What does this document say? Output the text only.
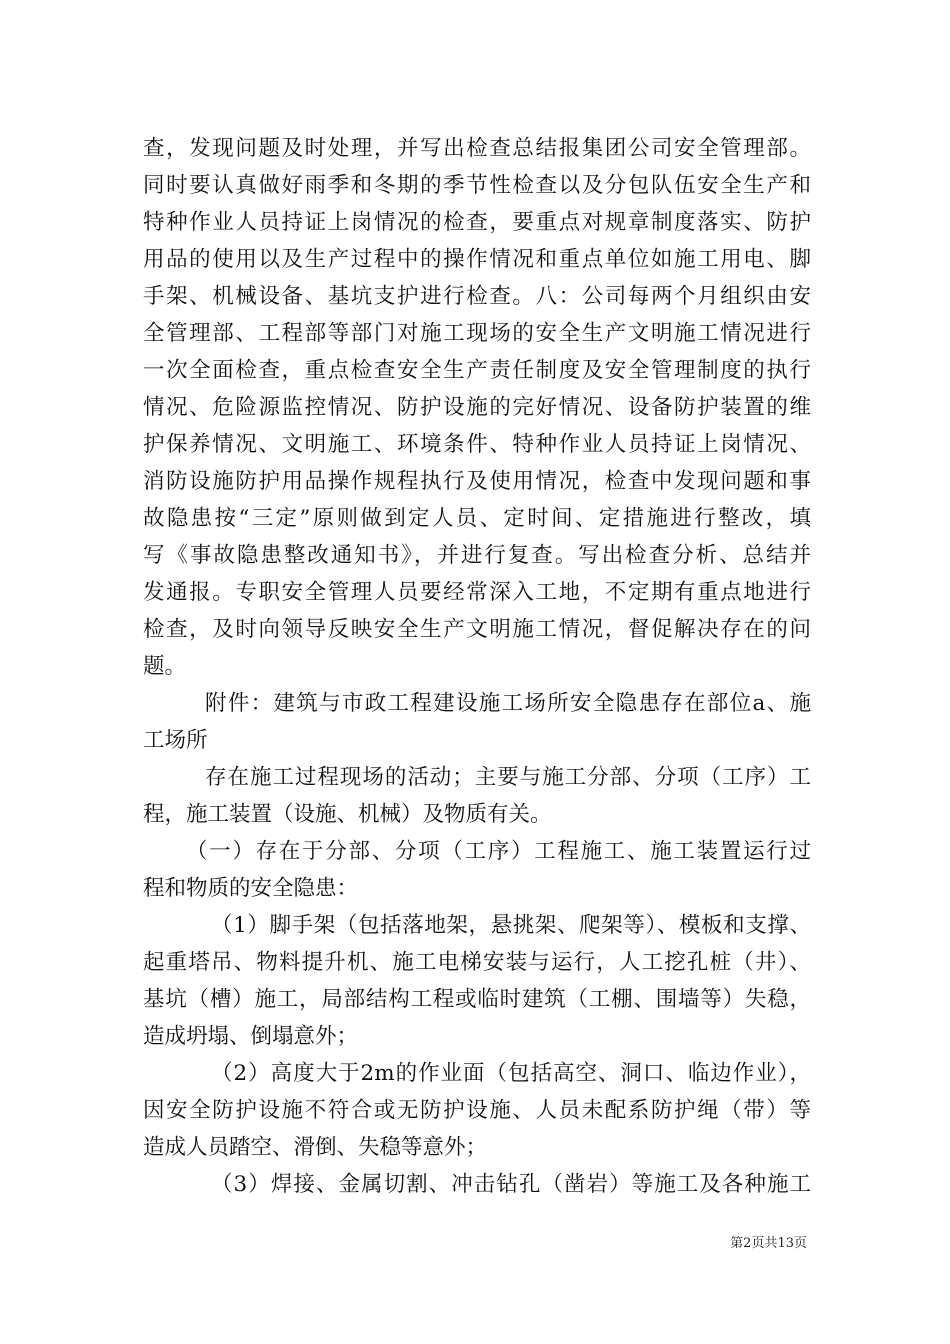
查，发现问题及时处理，并写出检查总结报集团公司安全管理部。
同时要认真做好雨季和冬期的季节性检查以及分包队伍安全生产和
特种作业人员持证上岗情况的检查，要重点对规章制度落实、防护
用品的使用以及生产过程中的操作情况和重点单位如施工用电、脚
手架、机械设备、基坑支护进行检查。八：公司每两个月组织由安
全管理部、工程部等部门对施工现场的安全生产文明施工情况进行
一次全面检查，重点检查安全生产责任制度及安全管理制度的执行
情况、危险源监控情况、防护设施的完好情况、设备防护装置的维
护保养情况、文明施工、环境条件、特种作业人员持证上岗情况、
消防设施防护用品操作规程执行及使用情况，检查中发现问题和事
故隐患按“三定”原则做到定人员、定时间、定措施进行整改，填
写《事故隐患整改通知书》，并进行复查。写出检查分析、总结并
发通报。专职安全管理人员要经常深入工地，不定期有重点地进行
检查，及时向领导反映安全生产文明施工情况，督促解决存在的问
题。
附件：建筑与市政工程建设施工场所安全隐患存在部位a、施
工场所
存在施工过程现场的活动；主要与施工分部、分项（工序）工
程，施工装置（设施、机械）及物质有关。
（一）存在于分部、分项（工序）工程施工、施工装置运行过
程和物质的安全隐患：
（1）脚手架（包括落地架，悬挑架、爬架等）、模板和支撑、
起重塔吊、物料提升机、施工电梯安装与运行，人工挖孔桩（井）、
基坑（槽）施工，局部结构工程或临时建筑（工棚、围墙等）失稳，
造成坍塌、倒塌意外；
（2）高度大于2m的作业面（包括高空、洞口、临边作业），
因安全防护设施不符合或无防护设施、人员未配系防护绳（带）等
造成人员踏空、滑倒、失稳等意外；
（3）焊接、金属切割、冲击钻孔（凿岩）等施工及各种施工
第2页共13页
